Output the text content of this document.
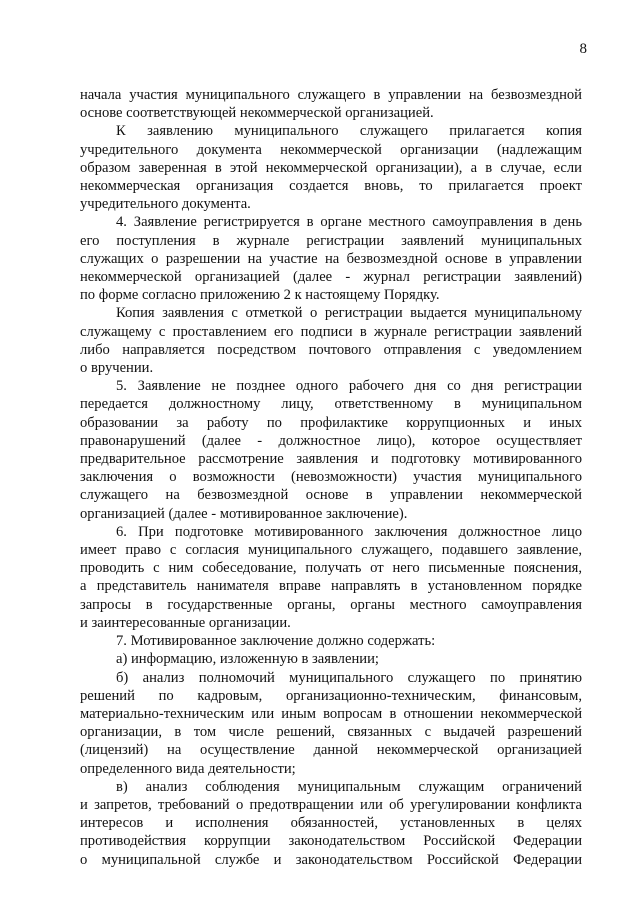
8

начала участия муниципального служащего в управлении на безвозмездной

основе соответствующей некоммерческой организацией.

К заявлению муниципального служащего прилагается копия

учредительного документа некоммерческой организации (надлежащим

образом заверенная в этой некоммерческой организации), а в случае, если

некоммерческая организация создается вновь, то прилагается проект

учредительного документа.

4. Заявление регистрируется в органе местного самоуправления в день

его поступления в журнале регистрации заявлений муниципальных

служащих о разрешении на участие на безвозмездной основе в управлении

некоммерческой организацией (далее - журнал регистрации заявлений)

по форме согласно приложению 2 к настоящему Порядку.

Копия заявления с отметкой о регистрации выдается муниципальному

служащему с проставлением его подписи в журнале регистрации заявлений

либо направляется посредством почтового отправления с уведомлением

о вручении.

5. Заявление не позднее одного рабочего дня со дня регистрации

передается должностному лицу, ответственному в муниципальном

образовании за работу по профилактике коррупционных и иных

правонарушений (далее - должностное лицо), которое осуществляет

предварительное рассмотрение заявления и подготовку мотивированного

заключения о возможности (невозможности) участия муниципального

служащего на безвозмездной основе в управлении некоммерческой

организацией (далее - мотивированное заключение).

6. При подготовке мотивированного заключения должностное лицо

имеет право с согласия муниципального служащего, подавшего заявление,

проводить с ним собеседование, получать от него письменные пояснения,

а представитель нанимателя вправе направлять в установленном порядке

запросы в государственные органы, органы местного самоуправления

и заинтересованные организации.

7. Мотивированное заключение должно содержать:

а) информацию, изложенную в заявлении;

б) анализ полномочий муниципального служащего по принятию

решений по кадровым, организационно-техническим, финансовым,

материально-техническим или иным вопросам в отношении некоммерческой

организации, в том числе решений, связанных с выдачей разрешений

(лицензий) на осуществление данной некоммерческой организацией

определенного вида деятельности;

в) анализ соблюдения муниципальным служащим ограничений

и запретов, требований о предотвращении или об урегулировании конфликта

интересов и исполнения обязанностей, установленных в целях

противодействия коррупции законодательством Российской Федерации

о муниципальной службе и законодательством Российской Федерации
